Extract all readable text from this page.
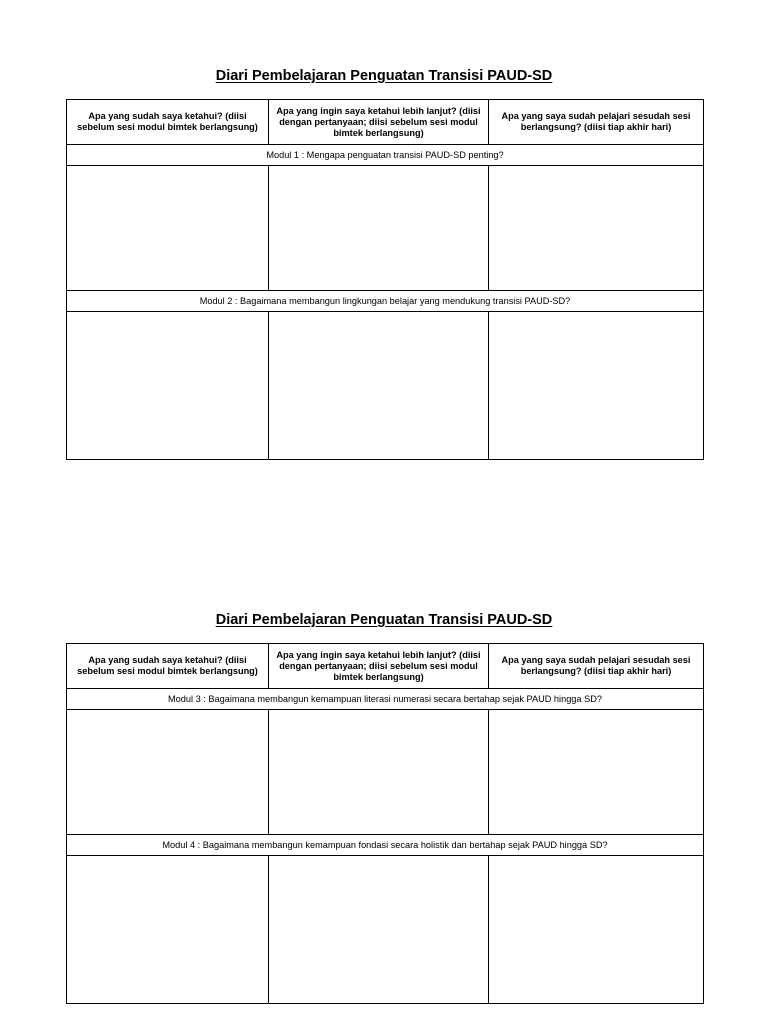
Diari Pembelajaran Penguatan Transisi PAUD-SD
Apa yang sudah saya ketahui? (diisi sebelum sesi modul bimtek berlangsung)	Apa yang ingin saya ketahui lebih lanjut? (diisi dengan pertanyaan; diisi sebelum sesi modul bimtek berlangsung)	Apa yang saya sudah pelajari sesudah sesi berlangsung? (diisi tiap akhir hari)
Modul 1 : Mengapa penguatan transisi PAUD-SD penting?		

Modul 2 : Bagaimana membangun lingkungan belajar yang mendukung transisi PAUD-SD?		

Diari Pembelajaran Penguatan Transisi PAUD-SD
Apa yang sudah saya ketahui? (diisi sebelum sesi modul bimtek berlangsung)	Apa yang ingin saya ketahui lebih lanjut? (diisi dengan pertanyaan; diisi sebelum sesi modul bimtek berlangsung)	Apa yang saya sudah pelajari sesudah sesi berlangsung? (diisi tiap akhir hari)
Modul 3 : Bagaimana membangun kemampuan literasi numerasi secara bertahap sejak PAUD hingga SD?		

Modul 4 : Bagaimana membangun kemampuan fondasi secara holistik dan bertahap sejak PAUD hingga SD?		
